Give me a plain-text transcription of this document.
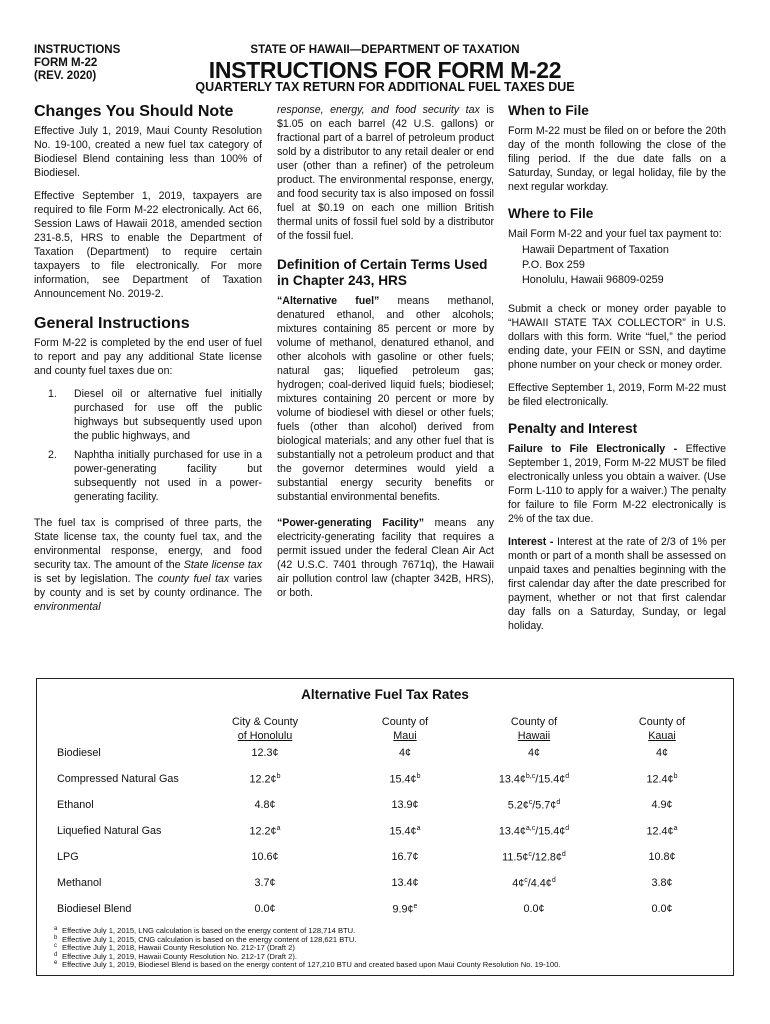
INSTRUCTIONS
FORM M-22
(REV. 2020)
STATE OF HAWAII—DEPARTMENT OF TAXATION
INSTRUCTIONS FOR FORM M-22
QUARTERLY TAX RETURN FOR ADDITIONAL FUEL TAXES DUE
Changes You Should Note

Effective July 1, 2019, Maui County Resolution No. 19-100, created a new fuel tax category of Biodiesel Blend containing less than 100% of Biodiesel.

Effective September 1, 2019, taxpayers are required to file Form M-22 electronically. Act 66, Session Laws of Hawaii 2018, amended section 231-8.5, HRS to enable the Department of Taxation (Department) to require certain taxpayers to file electronically. For more information, see Department of Taxation Announcement No. 2019-2.

General Instructions

Form M-22 is completed by the end user of fuel to report and pay any additional State license and county fuel taxes due on:

1. Diesel oil or alternative fuel initially purchased for use off the public highways but subsequently used upon the public highways, and
2. Naphtha initially purchased for use in a power-generating facility but subsequently not used in a power-generating facility.

The fuel tax is comprised of three parts, the State license tax, the county fuel tax, and the environmental response, energy, and food security tax. The amount of the State license tax is set by legislation. The county fuel tax varies by county and is set by county ordinance. The environmental

response, energy, and food security tax is $1.05 on each barrel (42 U.S. gallons) or fractional part of a barrel of petroleum product sold by a distributor to any retail dealer or end user (other than a refiner) of the petroleum product. The environmental response, energy, and food security tax is also imposed on fossil fuel at $0.19 on each one million British thermal units of fossil fuel sold by a distributor of the fossil fuel.

Definition of Certain Terms Used in Chapter 243, HRS

“Alternative fuel” means methanol, denatured ethanol, and other alcohols; mixtures containing 85 percent or more by volume of methanol, denatured ethanol, and other alcohols with gasoline or other fuels; natural gas; liquefied petroleum gas; hydrogen; coal-derived liquid fuels; biodiesel; mixtures containing 20 percent or more by volume of biodiesel with diesel or other fuels; fuels (other than alcohol) derived from biological materials; and any other fuel that is substantially not a petroleum product and that the governor determines would yield a substantial energy security benefits or substantial environmental benefits.

“Power-generating Facility” means any electricity-generating facility that requires a permit issued under the federal Clean Air Act (42 U.S.C. 7401 through 7671q), the Hawaii air pollution control law (chapter 342B, HRS), or both.

When to File

Form M-22 must be filed on or before the 20th day of the month following the close of the filing period. If the due date falls on a Saturday, Sunday, or legal holiday, file by the next regular workday.

Where to File

Mail Form M-22 and your fuel tax payment to:

Hawaii Department of Taxation
P.O. Box 259
Honolulu, Hawaii 96809-0259

Submit a check or money order payable to “HAWAII STATE TAX COLLECTOR” in U.S. dollars with this form. Write “fuel,” the period ending date, your FEIN or SSN, and daytime phone number on your check or money order.

Effective September 1, 2019, Form M-22 must be filed electronically.

Penalty and Interest

Failure to File Electronically - Effective September 1, 2019, Form M-22 MUST be filed electronically unless you obtain a waiver. (Use Form L-110 to apply for a waiver.) The penalty for failure to file Form M-22 electronically is 2% of the tax due.

Interest - Interest at the rate of 2/3 of 1% per month or part of a month shall be assessed on unpaid taxes and penalties beginning with the first calendar day after the date prescribed for payment, whether or not that first calendar day falls on a Saturday, Sunday, or legal holiday.

Alternative Fuel Tax Rates
City & County
of Honolulu
County of
Maui
County of
Hawaii
County of
Kauai
Biodiesel	12.3¢	4¢	4¢	4¢
Compressed Natural Gas	12.2¢$^b$	15.4¢$^b$	13.4¢$^{b,c}$/15.4¢$^d$	12.4¢$^b$
Ethanol	4.8¢	13.9¢	5.2¢$^c$/5.7¢$^d$	4.9¢
Liquefied Natural Gas	12.2¢$^a$	15.4¢$^a$	13.4¢$^{a,c}$/15.4¢$^d$	12.4¢$^a$
LPG	10.6¢	16.7¢	11.5¢$^c$/12.8¢$^d$	10.8¢
Methanol	3.7¢	13.4¢	4¢$^c$/4.4¢$^d$	3.8¢
Biodiesel Blend	0.0¢	9.9¢$^e$	0.0¢	0.0¢
a Effective July 1, 2015, LNG calculation is based on the energy content of 128,714 BTU.
b Effective July 1, 2015, CNG calculation is based on the energy content of 128,621 BTU.
c Effective July 1, 2018, Hawaii County Resolution No. 212-17 (Draft 2)
d Effective July 1, 2019, Hawaii County Resolution No. 212-17 (Draft 2).
e Effective July 1, 2019, Biodiesel Blend is based on the energy content of 127,210 BTU and created based upon Maui County Resolution No. 19-100.
